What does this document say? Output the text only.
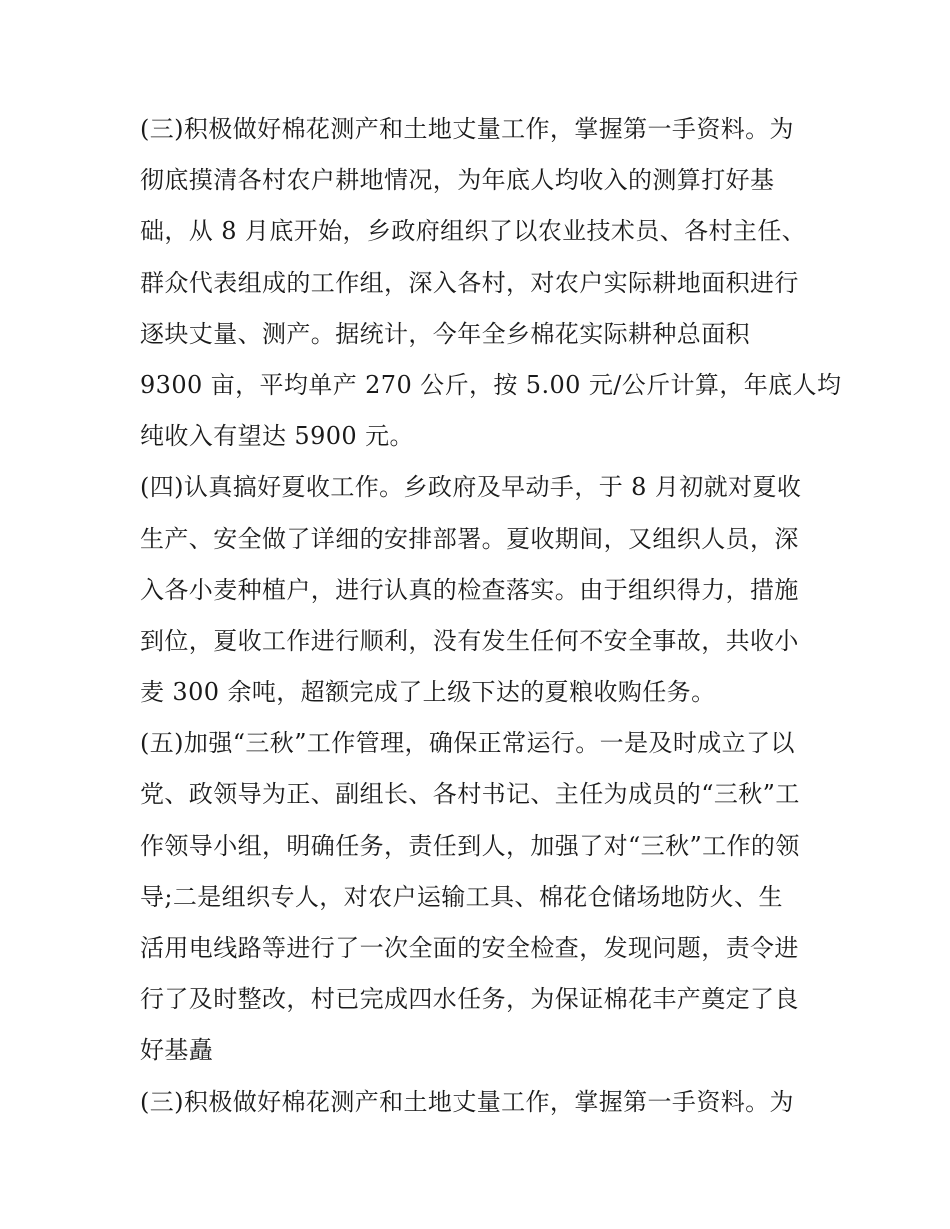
(三)积极做好棉花测产和土地丈量工作，掌握第一手资料。为
彻底摸清各村农户耕地情况，为年底人均收入的测算打好基
础，从 8 月底开始，乡政府组织了以农业技术员、各村主任、
群众代表组成的工作组，深入各村，对农户实际耕地面积进行
逐块丈量、测产。据统计，今年全乡棉花实际耕种总面积
9300 亩，平均单产 270 公斤，按 5.00 元/公斤计算，年底人均
纯收入有望达 5900 元。
(四)认真搞好夏收工作。乡政府及早动手，于 8 月初就对夏收
生产、安全做了详细的安排部署。夏收期间，又组织人员，深
入各小麦种植户，进行认真的检查落实。由于组织得力，措施
到位，夏收工作进行顺利，没有发生任何不安全事故，共收小
麦 300 余吨，超额完成了上级下达的夏粮收购任务。
(五)加强“三秋”工作管理，确保正常运行。一是及时成立了以
党、政领导为正、副组长、各村书记、主任为成员的“三秋”工
作领导小组，明确任务，责任到人，加强了对“三秋”工作的领
导;二是组织专人，对农户运输工具、棉花仓储场地防火、生
活用电线路等进行了一次全面的安全检查，发现问题，责令进
行了及时整改，村已完成四水任务，为保证棉花丰产奠定了良
好基矗
(三)积极做好棉花测产和土地丈量工作，掌握第一手资料。为
